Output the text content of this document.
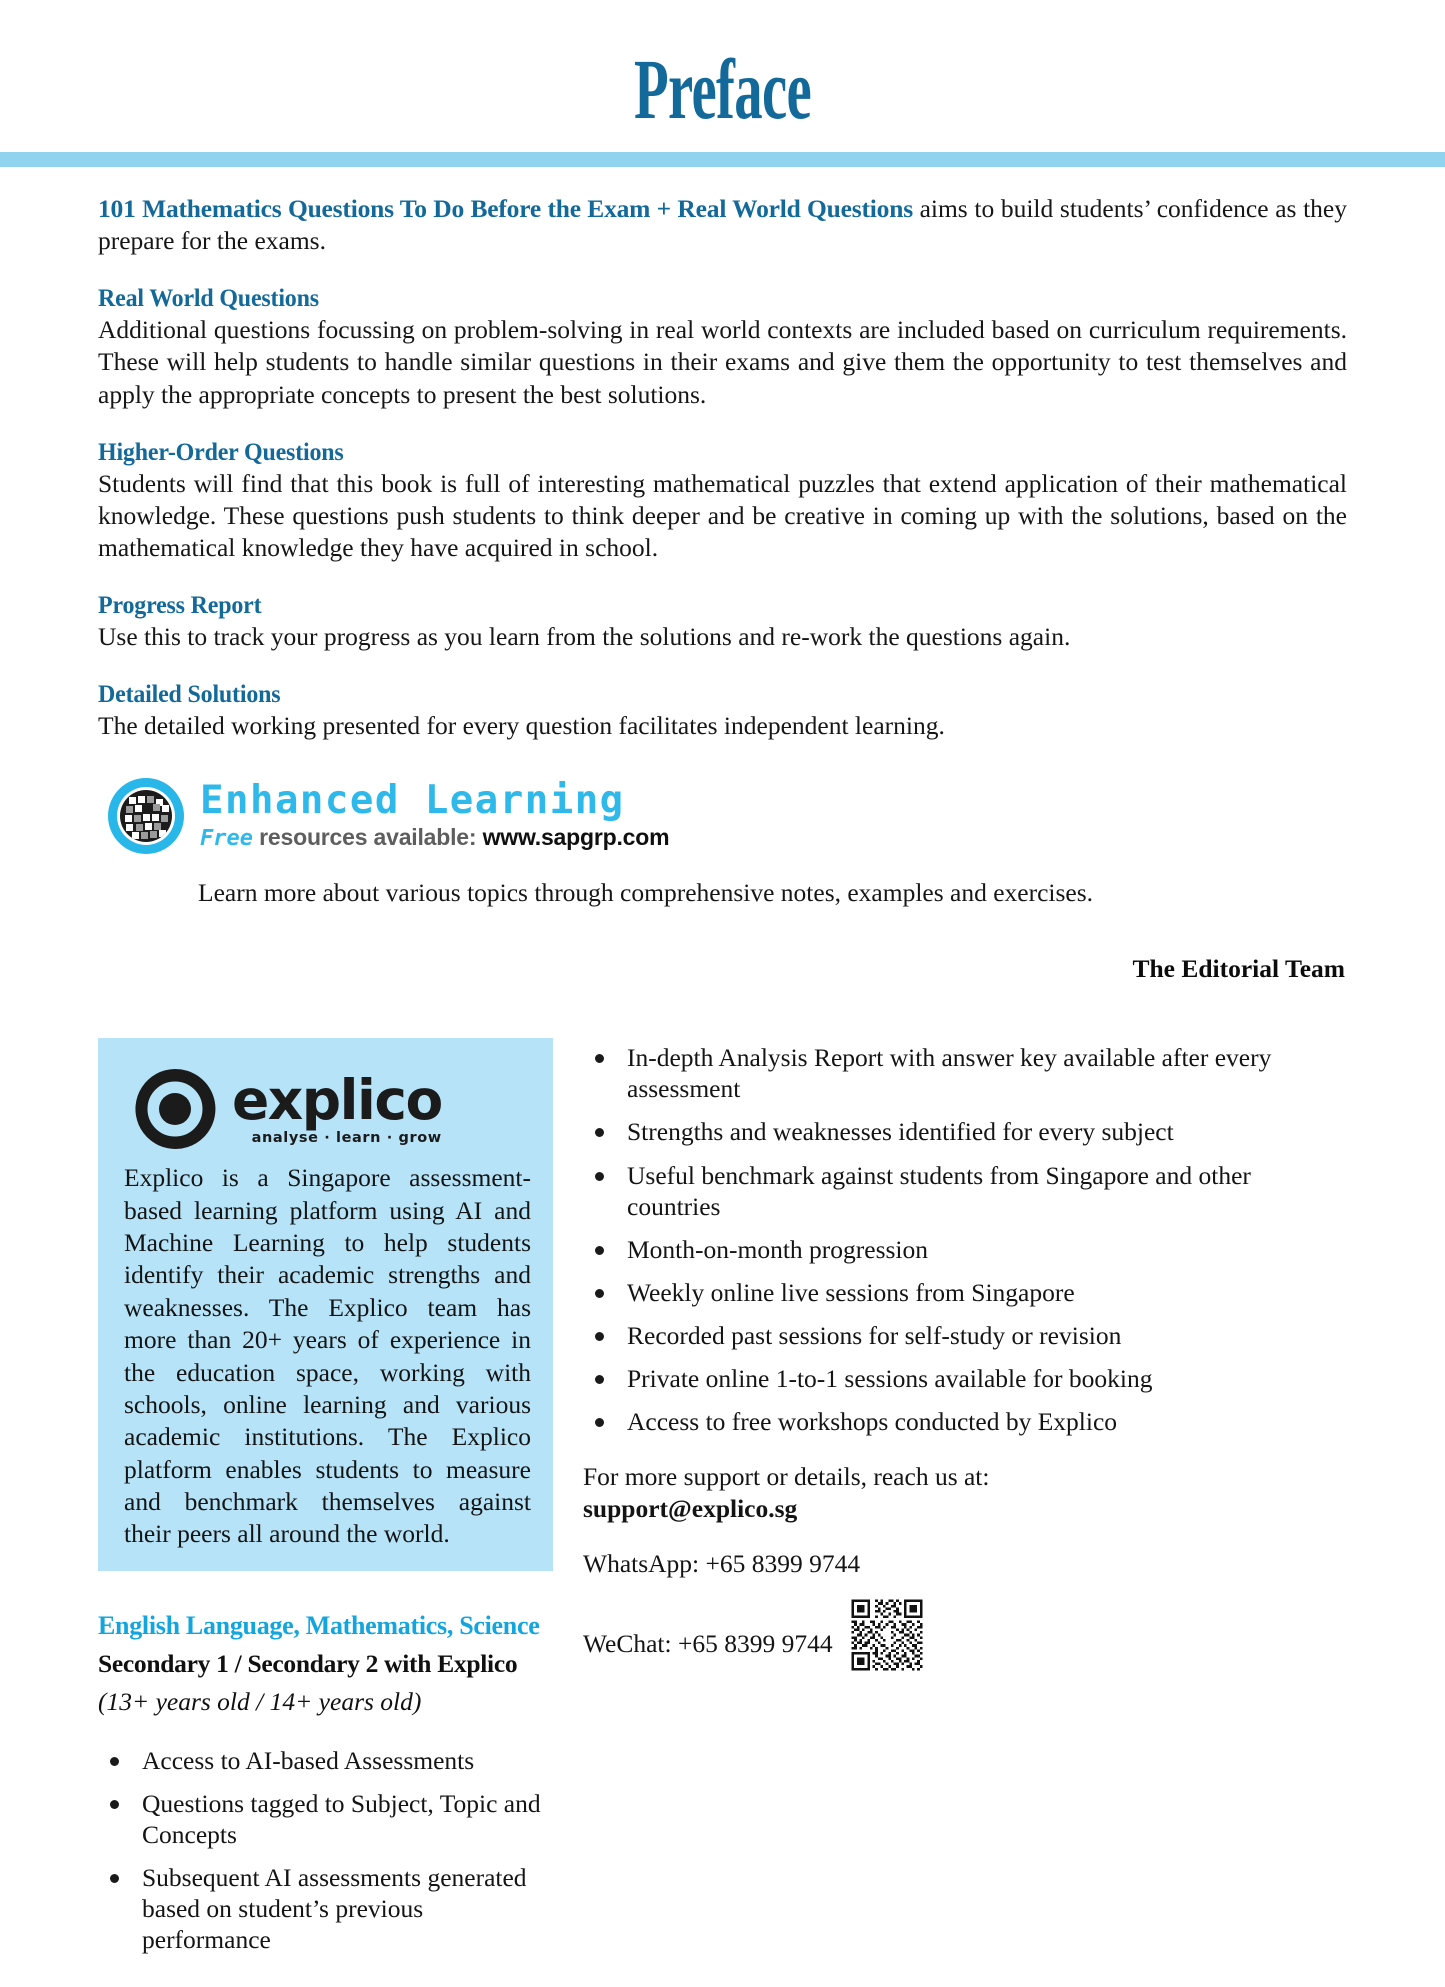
Preface

101 Mathematics Questions To Do Before the Exam + Real World Questions aims to build students’ confidence as they prepare for the exams.

Real World Questions

Additional questions focussing on problem-solving in real world contexts are included based on curriculum requirements. These will help students to handle similar questions in their exams and give them the opportunity to test themselves and apply the appropriate concepts to present the best solutions.

Higher-Order Questions

Students will find that this book is full of interesting mathematical puzzles that extend application of their mathematical knowledge. These questions push students to think deeper and be creative in coming up with the solutions, based on the mathematical knowledge they have acquired in school.

Progress Report

Use this to track your progress as you learn from the solutions and re-work the questions again.

Detailed Solutions

The detailed working presented for every question facilitates independent learning.

Enhanced Learning
Free resources available: www.sapgrp.com
Learn more about various topics through comprehensive notes, examples and exercises.
The Editorial Team
explico
analyse · learn · grow
Explico is a Singapore assessment-based learning platform using AI and Machine Learning to help students identify their academic strengths and weaknesses. The Explico team has more than 20+ years of experience in the education space, working with schools, online learning and various academic institutions. The Explico platform enables students to measure and benchmark themselves against their peers all around the world.
English Language, Mathematics, Science
Secondary 1 / Secondary 2 with Explico
(13+ years old / 14+ years old)
Access to AI-based Assessments
Questions tagged to Subject, Topic and Concepts
Subsequent AI assessments generated based on student’s previous performance
In-depth Analysis Report with answer key available after every assessment
Strengths and weaknesses identified for every subject
Useful benchmark against students from Singapore and other countries
Month-on-month progression
Weekly online live sessions from Singapore
Recorded past sessions for self-study or revision
Private online 1-to-1 sessions available for booking
Access to free workshops conducted by Explico
For more support or details, reach us at:
support@explico.sg
WhatsApp: +65 8399 9744
WeChat: +65 8399 9744
